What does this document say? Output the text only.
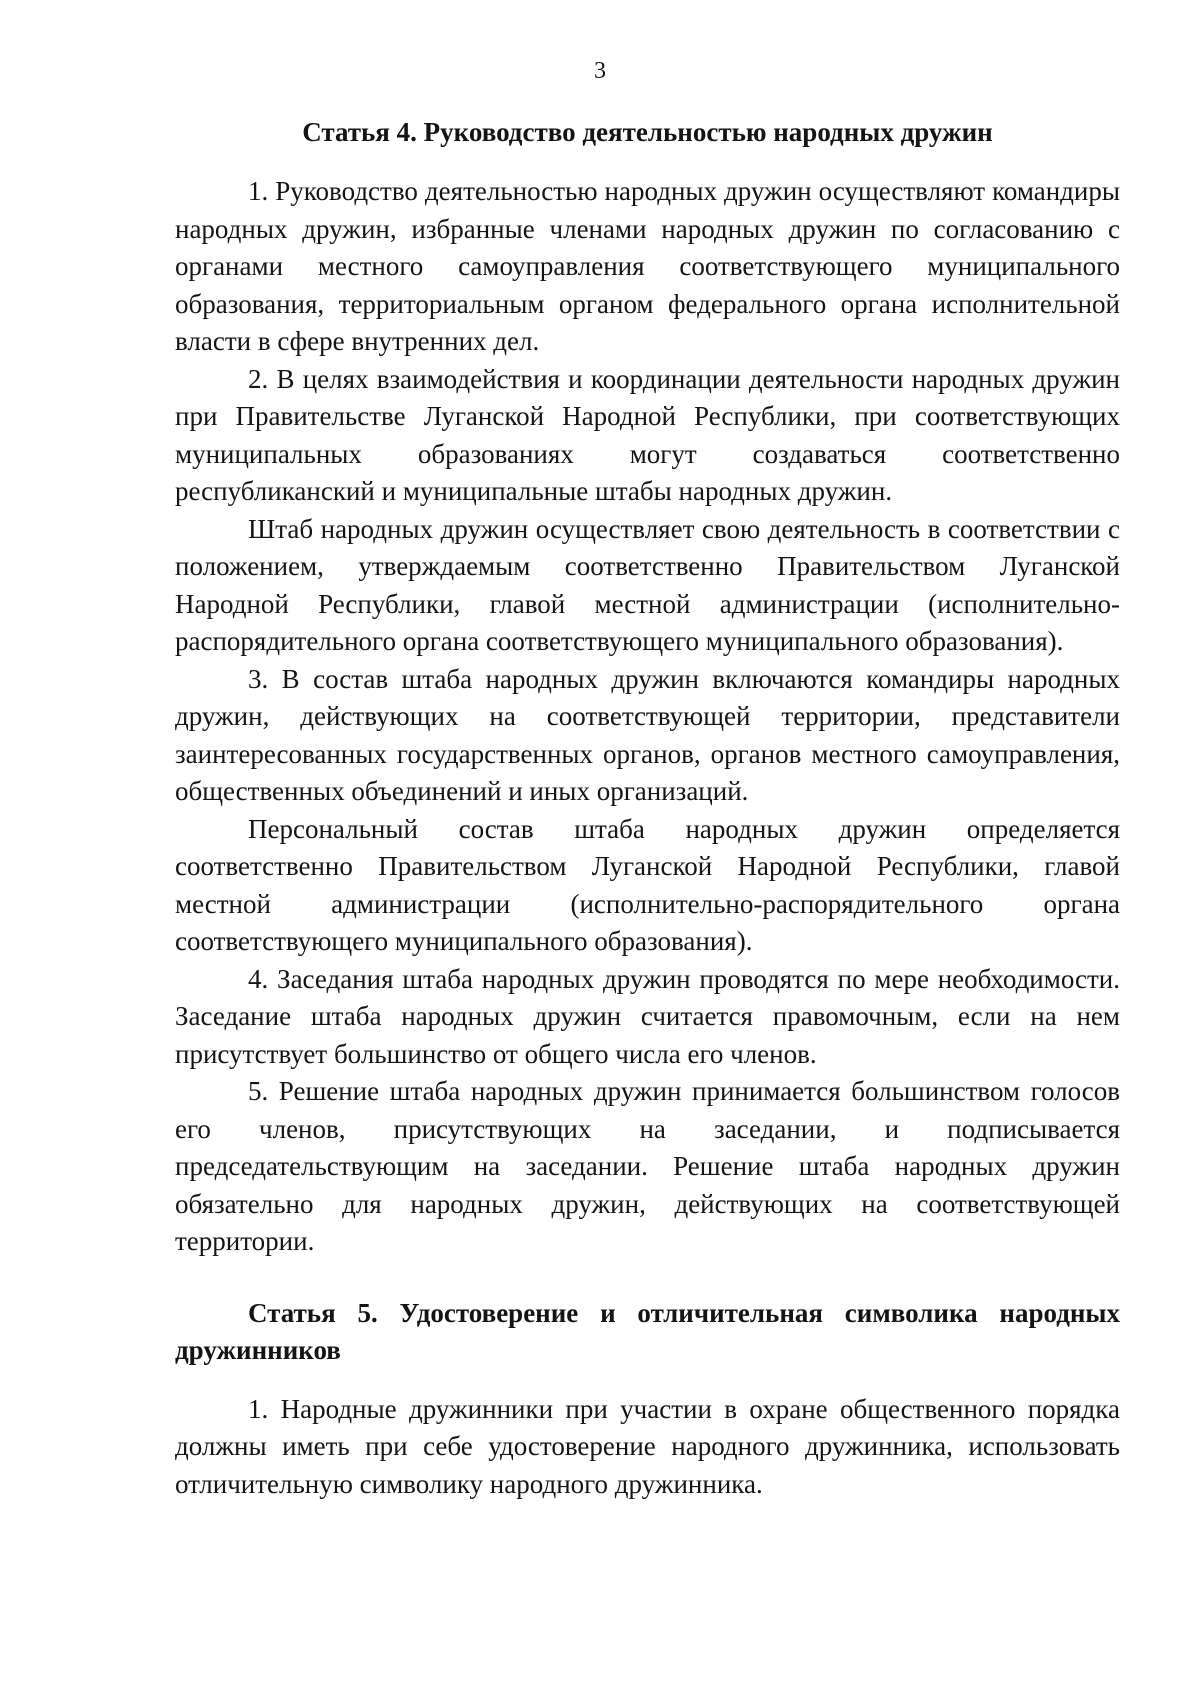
3
Статья 4. Руководство деятельностью народных дружин

1. Руководство деятельностью народных дружин осуществляют командиры народных дружин, избранные членами народных дружин по согласованию с органами местного самоуправления соответствующего муниципального образования, территориальным органом федерального органа исполнительной власти в сфере внутренних дел.

2. В целях взаимодействия и координации деятельности народных дружин при Правительстве Луганской Народной Республики, при соответствующих муниципальных образованиях могут создаваться соответственно республиканский и муниципальные штабы народных дружин.

Штаб народных дружин осуществляет свою деятельность в соответствии с положением, утверждаемым соответственно Правительством Луганской Народной Республики, главой местной администрации (исполнительно-распорядительного органа соответствующего муниципального образования).

3. В состав штаба народных дружин включаются командиры народных дружин, действующих на соответствующей территории, представители заинтересованных государственных органов, органов местного самоуправления, общественных объединений и иных организаций.

Персональный состав штаба народных дружин определяется соответственно Правительством Луганской Народной Республики, главой местной администрации (исполнительно-распорядительного органа соответствующего муниципального образования).

4. Заседания штаба народных дружин проводятся по мере необходимости. Заседание штаба народных дружин считается правомочным, если на нем присутствует большинство от общего числа его членов.

5. Решение штаба народных дружин принимается большинством голосов его членов, присутствующих на заседании, и подписывается председательствующим на заседании. Решение штаба народных дружин обязательно для народных дружин, действующих на соответствующей территории.

Статья 5. Удостоверение и отличительная символика народных дружинников

1. Народные дружинники при участии в охране общественного порядка должны иметь при себе удостоверение народного дружинника, использовать отличительную символику народного дружинника.
